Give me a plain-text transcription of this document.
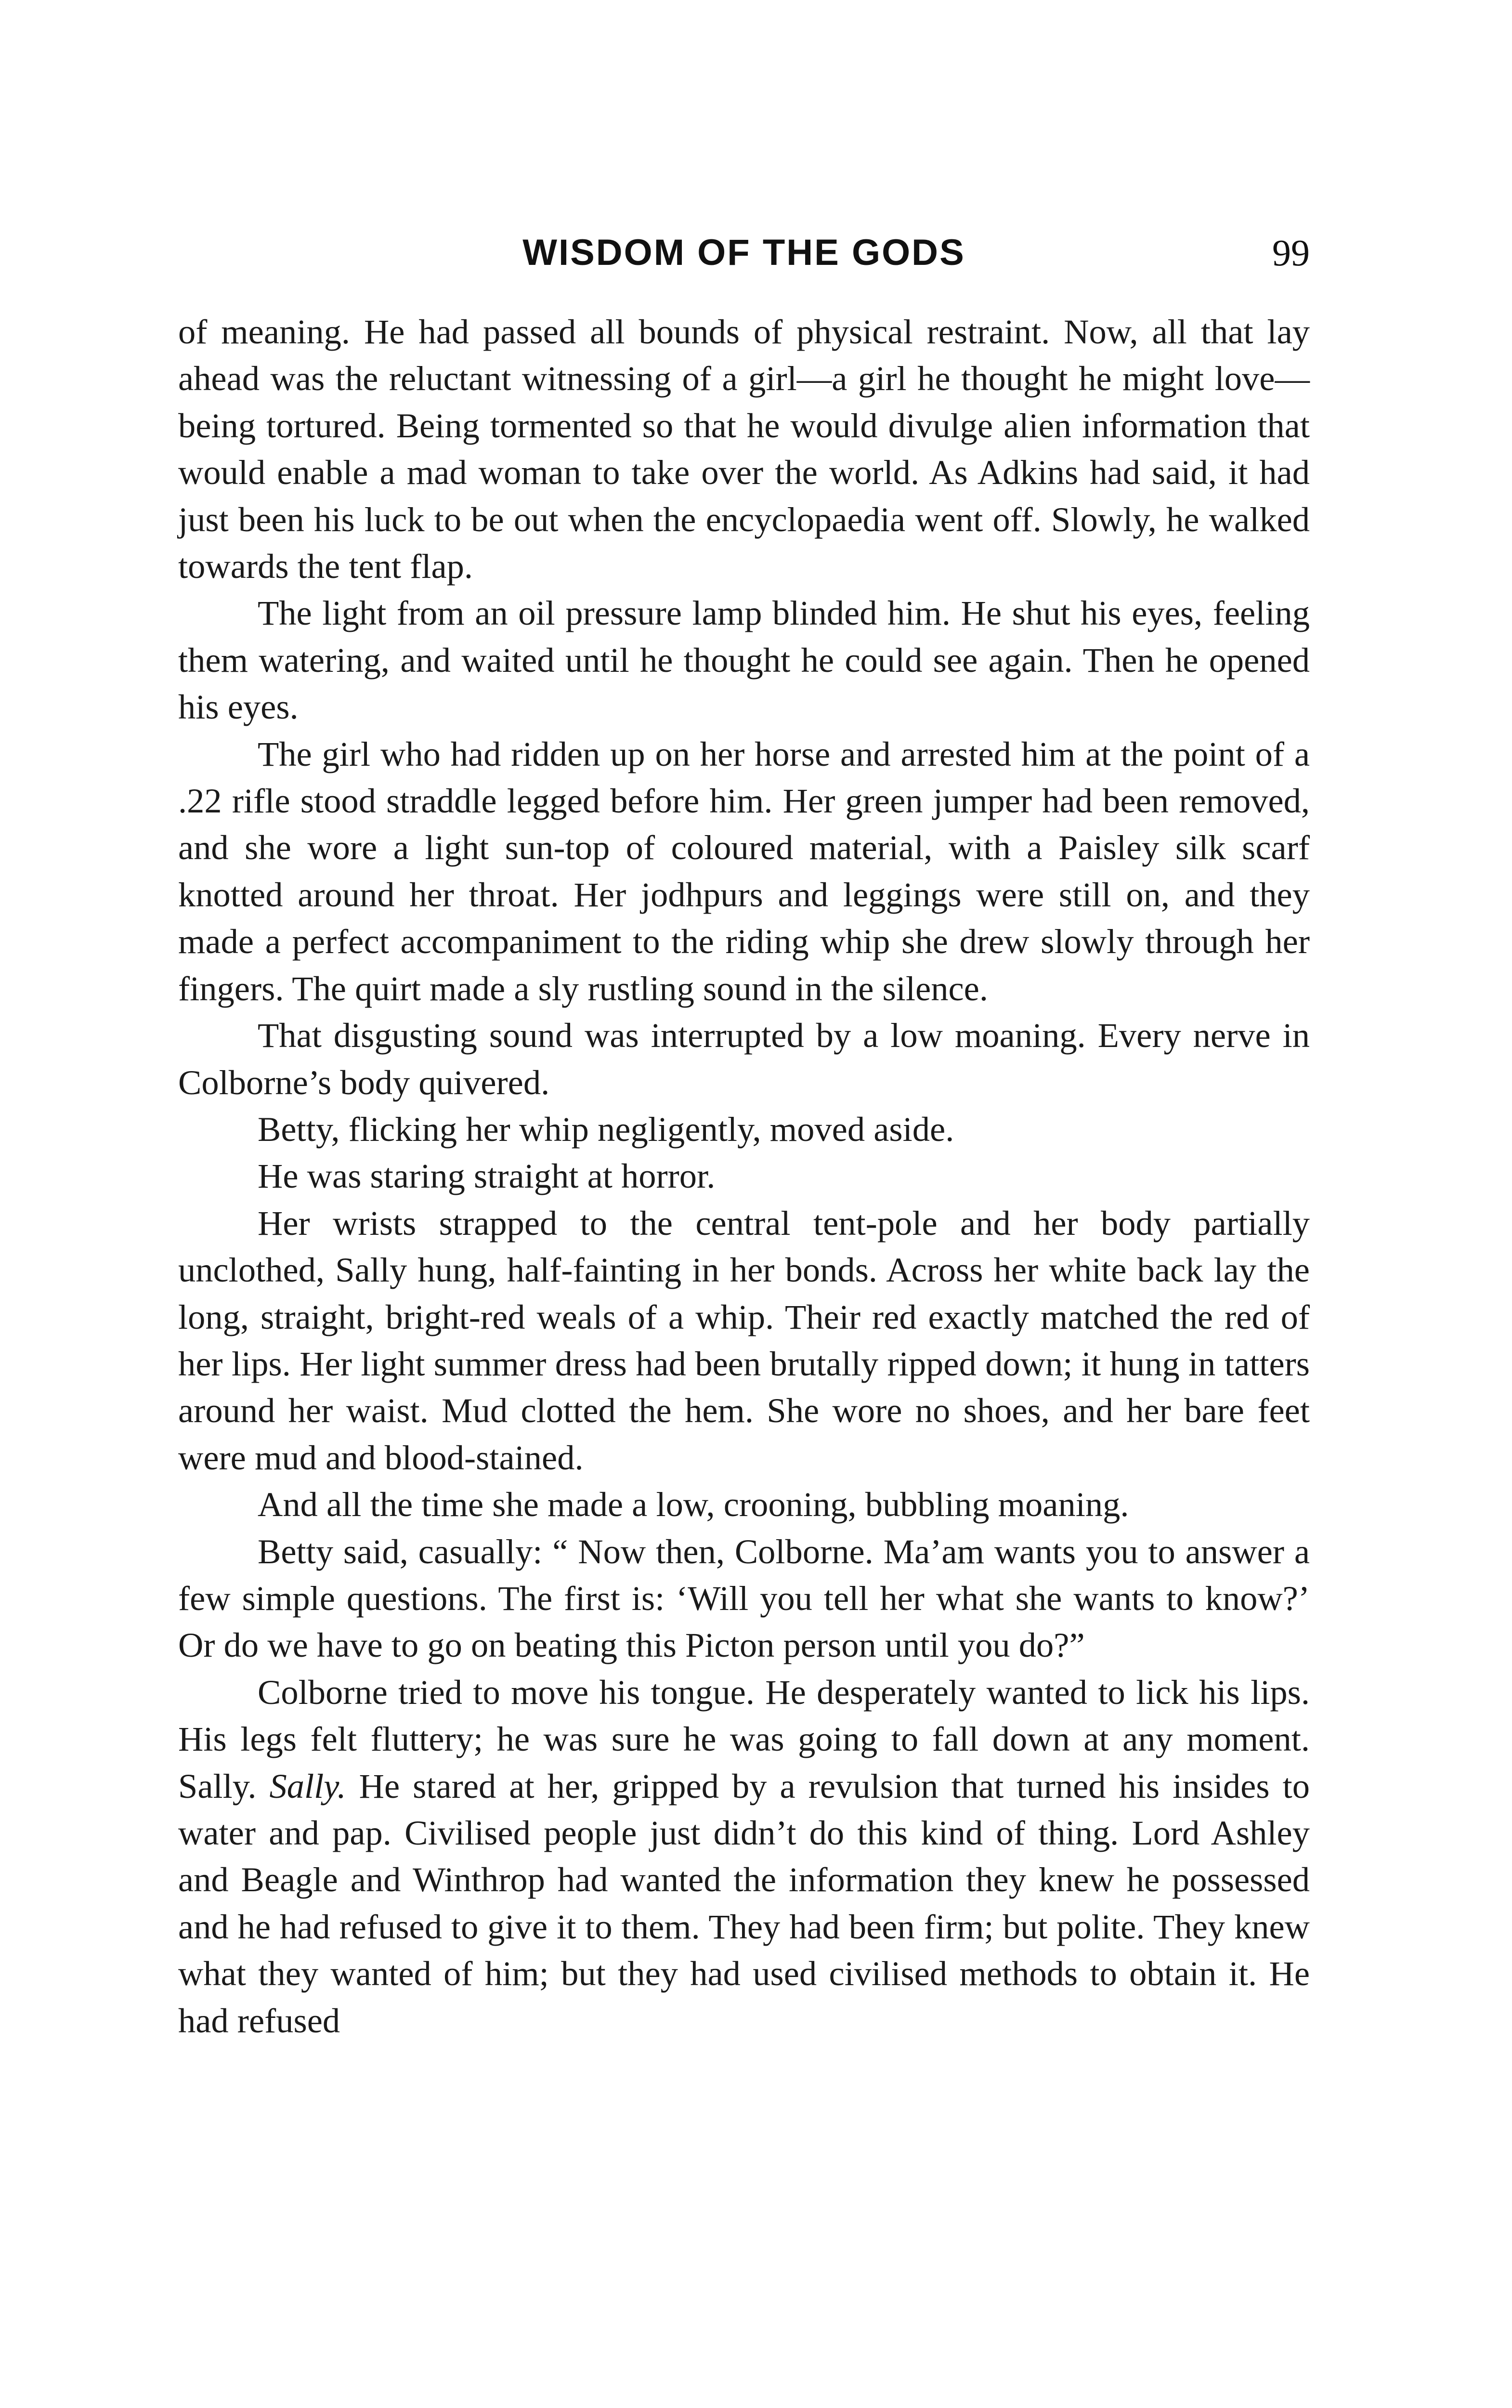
WISDOM OF THE GODS	99

of meaning. He had passed all bounds of physical restraint. Now, all that lay ahead was the reluctant witnessing of a girl—a girl he thought he might love—being tortured. Being tormented so that he would divulge alien information that would enable a mad woman to take over the world. As Adkins had said, it had just been his luck to be out when the encyclopaedia went off. Slowly, he walked towards the tent flap.

The light from an oil pressure lamp blinded him. He shut his eyes, feeling them watering, and waited until he thought he could see again. Then he opened his eyes.

The girl who had ridden up on her horse and arrested him at the point of a .22 rifle stood straddle legged before him. Her green jumper had been removed, and she wore a light sun-top of coloured material, with a Paisley silk scarf knotted around her throat. Her jodhpurs and leggings were still on, and they made a perfect accompaniment to the riding whip she drew slowly through her fingers. The quirt made a sly rustling sound in the silence.

That disgusting sound was interrupted by a low moaning. Every nerve in Colborne’s body quivered.

Betty, flicking her whip negligently, moved aside.

He was staring straight at horror.

Her wrists strapped to the central tent-pole and her body partially unclothed, Sally hung, half-fainting in her bonds. Across her white back lay the long, straight, bright-red weals of a whip. Their red exactly matched the red of her lips. Her light summer dress had been brutally ripped down; it hung in tatters around her waist. Mud clotted the hem. She wore no shoes, and her bare feet were mud and blood-stained.

And all the time she made a low, crooning, bubbling moaning.

Betty said, casually: “ Now then, Colborne. Ma’am wants you to answer a few simple questions. The first is: ‘Will you tell her what she wants to know?’ Or do we have to go on beating this Picton person until you do?”

Colborne tried to move his tongue. He desperately wanted to lick his lips. His legs felt fluttery; he was sure he was going to fall down at any moment. Sally. Sally. He stared at her, gripped by a revulsion that turned his insides to water and pap. Civilised people just didn’t do this kind of thing. Lord Ashley and Beagle and Winthrop had wanted the information they knew he possessed and he had refused to give it to them. They had been firm; but polite. They knew what they wanted of him; but they had used civilised methods to obtain it. He had refused
